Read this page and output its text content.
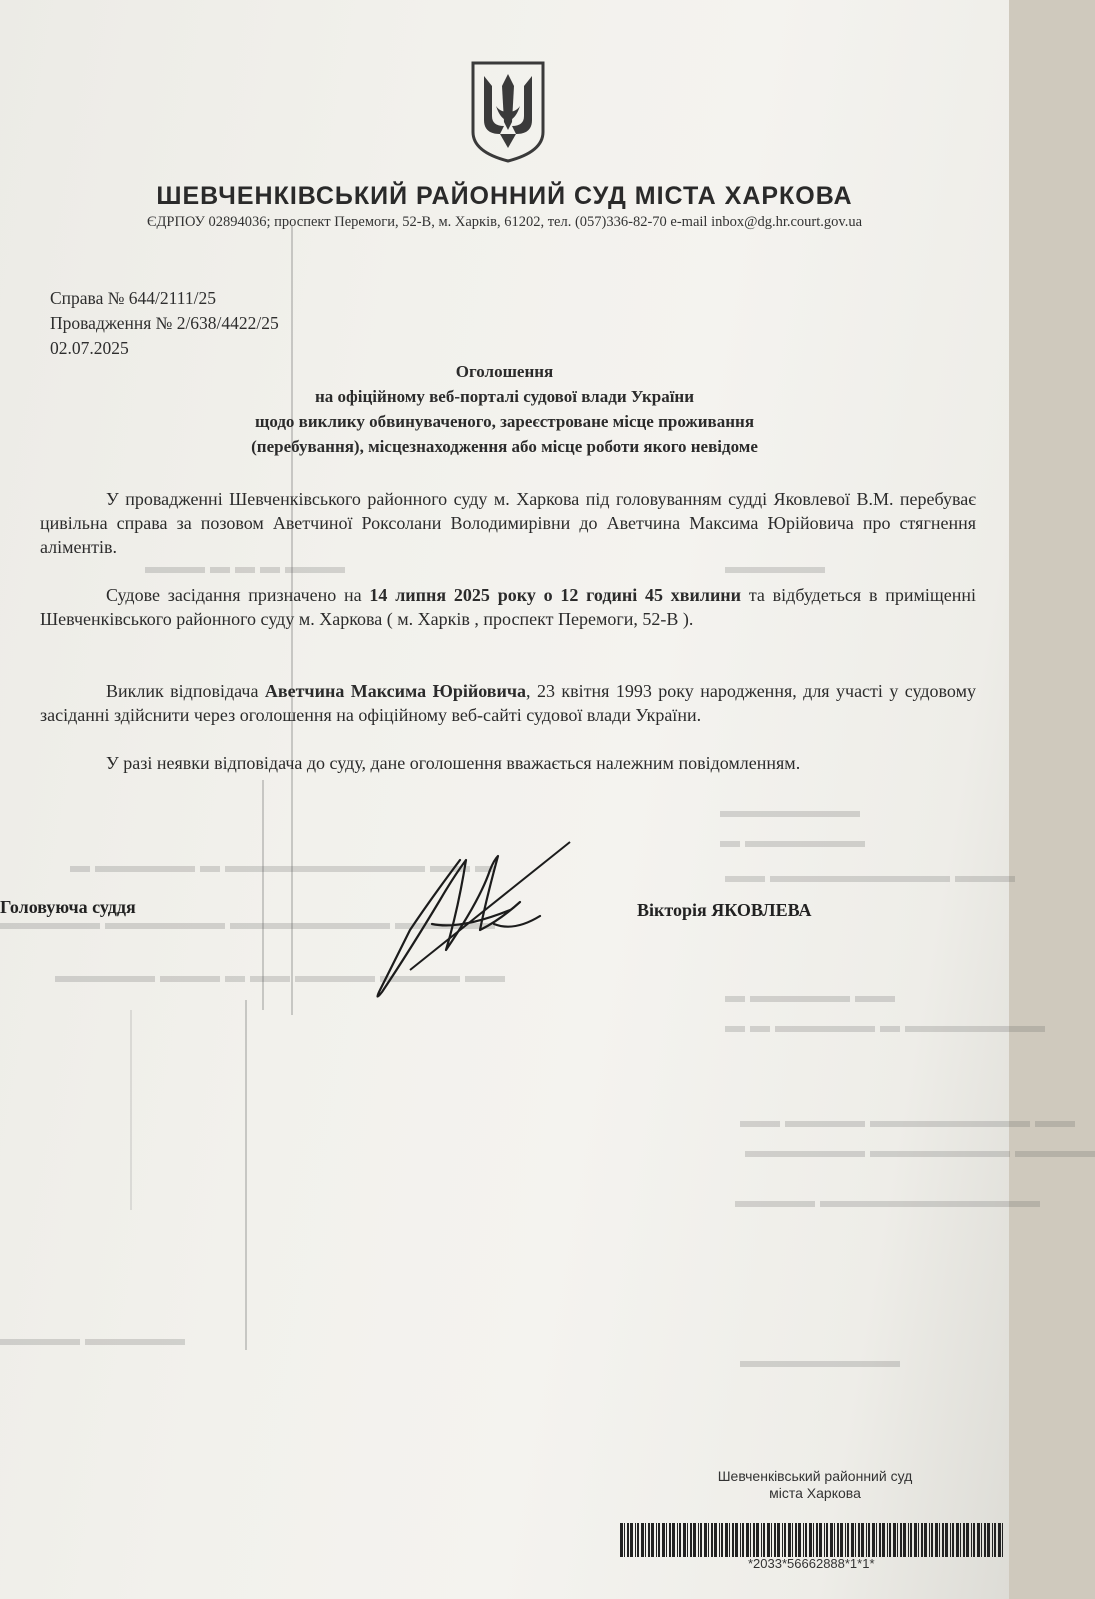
▬▬▬▬▬
▬▬▬ ▬ ▬ ▬ ▬▬▬
▬▬▬▬▬▬▬
▬ ▬▬▬▬▬▬
▬ ▬▬▬▬▬ ▬ ▬▬▬▬▬▬▬▬▬▬ ▬▬ ▬	▬▬ ▬▬▬▬▬▬▬▬▬ ▬▬▬
▬▬▬▬▬ ▬▬▬▬▬▬ ▬▬▬▬▬▬▬▬ ▬▬▬▬▬
▬▬▬▬▬ ▬▬▬ ▬ ▬▬ ▬▬▬▬ ▬▬▬▬ ▬▬
▬ ▬▬▬▬▬ ▬▬
▬ ▬ ▬▬▬▬▬ ▬ ▬▬▬▬▬▬▬
▬▬ ▬▬▬▬ ▬▬▬▬▬▬▬▬ ▬▬
▬▬▬▬▬▬ ▬▬▬▬▬▬▬ ▬▬▬▬
▬▬▬▬ ▬▬▬▬▬▬▬▬▬▬▬
▬▬▬▬ ▬▬▬▬▬
▬▬▬▬▬▬▬▬
ШЕВЧЕНКІВСЬКИЙ РАЙОННИЙ СУД МІСТА ХАРКОВА
ЄДРПОУ 02894036; проспект Перемоги, 52-В, м. Харків, 61202, тел. (057)336-82-70 e-mail inbox@dg.hr.court.gov.ua
Справа № 644/2111/25
Провадження № 2/638/4422/25
02.07.2025
Оголошення
на офіційному веб-порталі судової влади України
щодо виклику обвинуваченого, зареєстроване місце проживання
(перебування), місцезнаходження або місце роботи якого невідоме
У провадженні Шевченківського районного суду м. Харкова під головуванням судді Яковлевої В.М. перебуває цивільна справа за позовом Аветчиної Роксолани Володимирівни до Аветчина Максима Юрійовича про стягнення аліментів.
Судове засідання призначено на 14 липня 2025 року о 12 годині 45 хвилини та відбудеться в приміщенні Шевченківського районного суду м. Харкова ( м. Харків , проспект Перемоги, 52-В ).
Виклик відповідача Аветчина Максима Юрійовича, 23 квітня 1993 року народження, для участі у судовому засіданні здійснити через оголошення на офіційному веб-сайті судової влади України.
У разі неявки відповідача до суду, дане оголошення вважається належним повідомленням.
Головуюча суддя	Вікторія ЯКОВЛЕВА
Шевченківський районний суд
міста Харкова
*2033*56662888*1*1*
